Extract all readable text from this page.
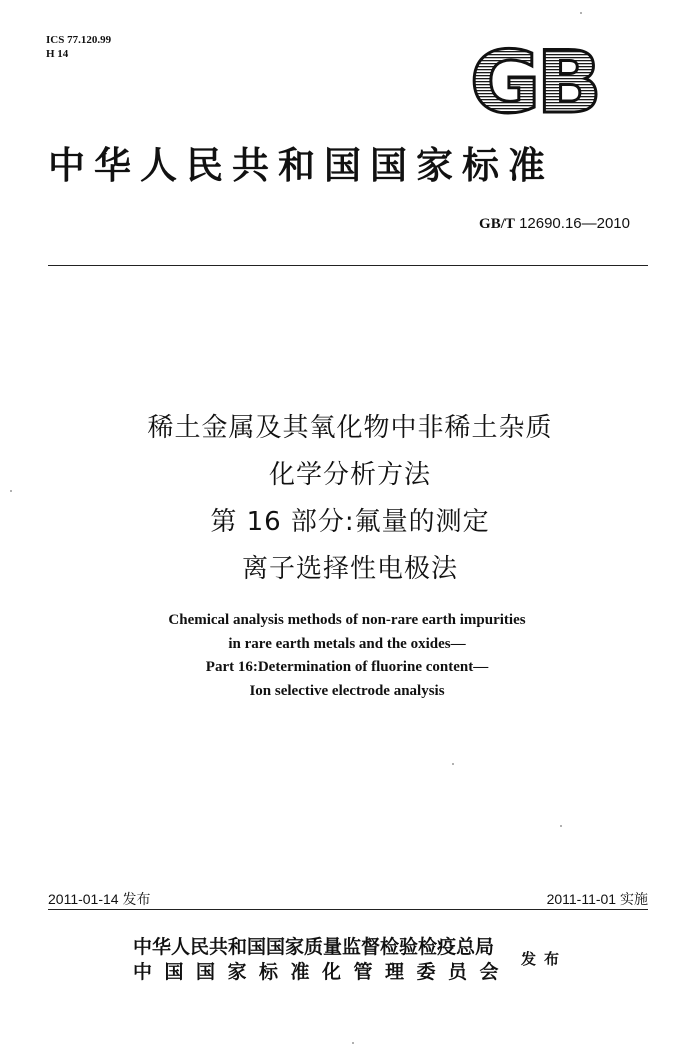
ICS 77.120.99
H 14	GB
中华人民共和国国家标准
GB/T 12690.16—2010
稀土金属及其氧化物中非稀土杂质
化学分析方法
第 16 部分:氟量的测定
离子选择性电极法
Chemical analysis methods of non-rare earth impurities
in rare earth metals and the oxides—
Part 16:Determination of fluorine content—
Ion selective electrode analysis
2011-01-14 发布	2011-11-01 实施
中华人民共和国国家质量监督检验检疫总局
中国国家标准化管理委员会
发布
